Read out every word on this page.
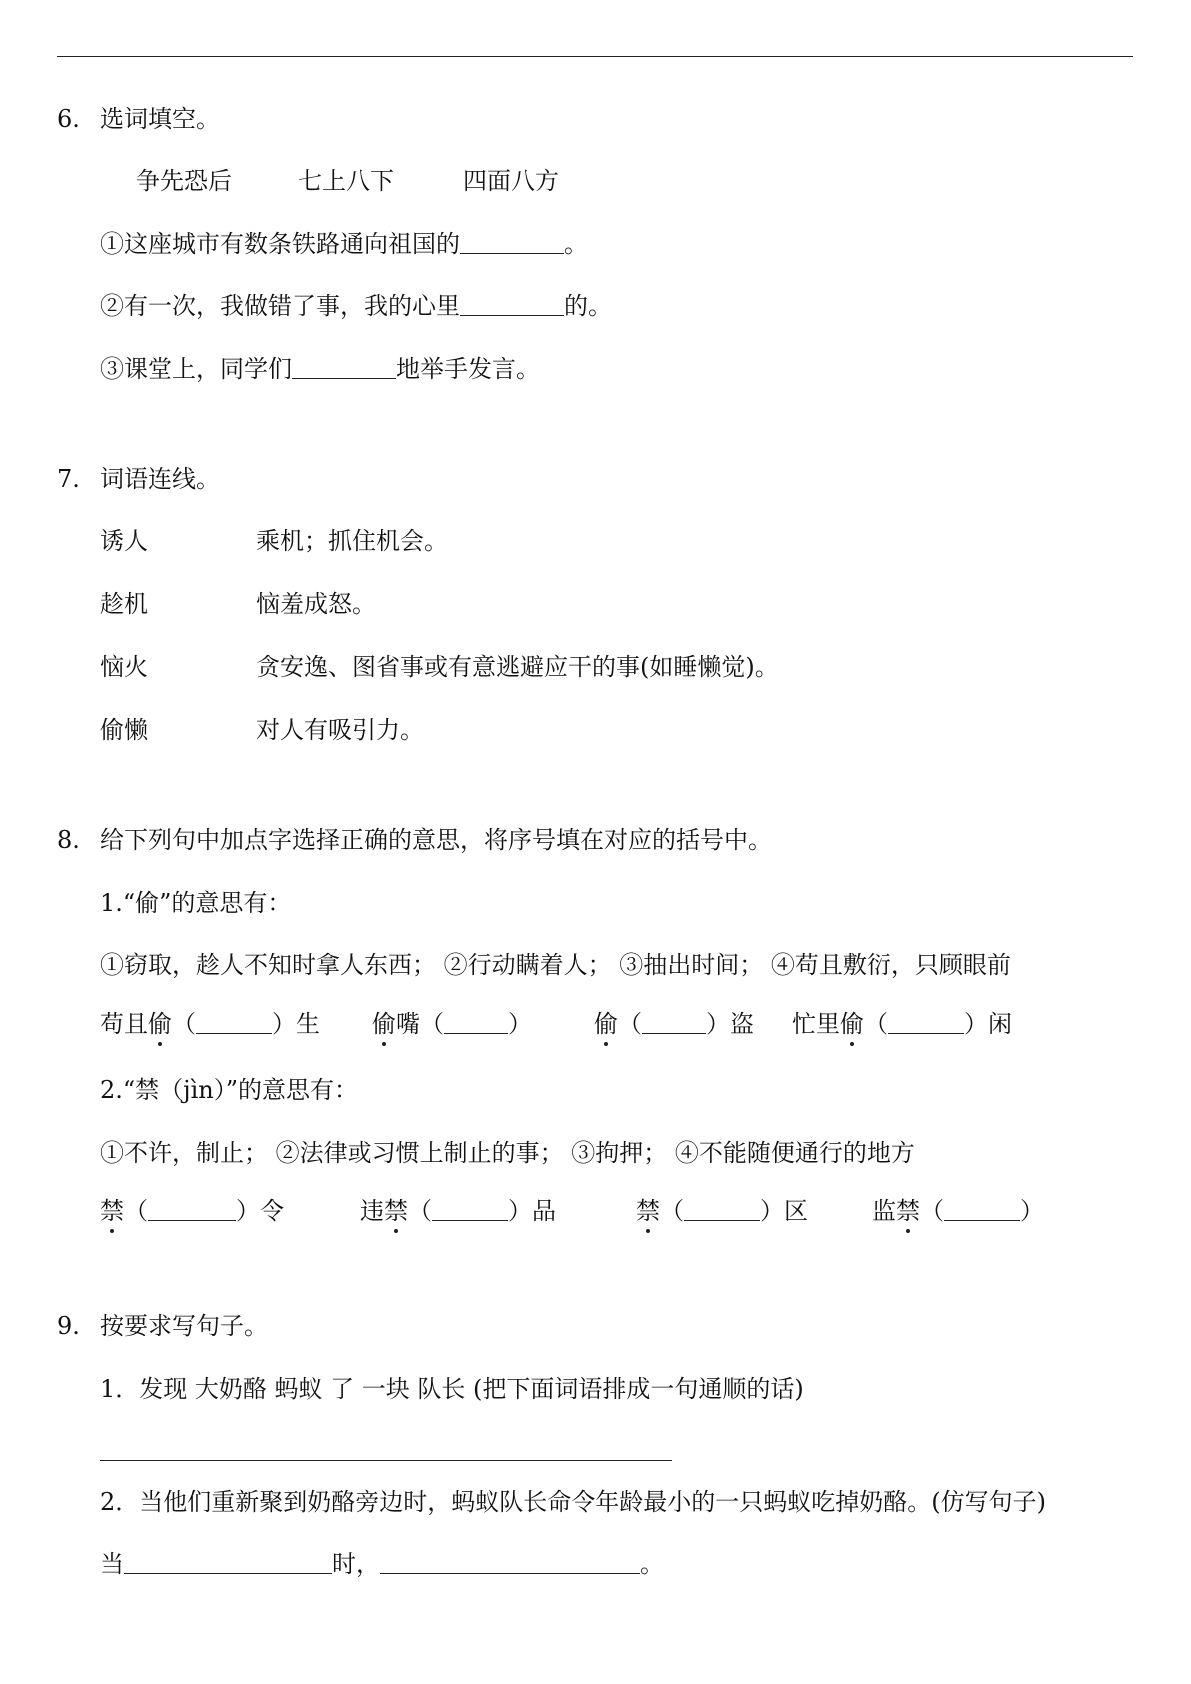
6. 选词填空。
争先恐后	七上八下	四面八方
①这座城市有数条铁路通向祖国的	。
②有一次，我做错了事，我的心里	的。
③课堂上，同学们	地举手发言。
7. 词语连线。
诱人	乘机；抓住机会。
趁机	恼羞成怒。
恼火	贪安逸、图省事或有意逃避应干的事(如睡懒觉)。
偷懒	对人有吸引力。
8. 给下列句中加点字选择正确的意思，将序号填在对应的括号中。
1.“偷”的意思有：
①窃取，趁人不知时拿人东西； ②行动瞒着人； ③抽出时间； ④苟且敷衍，只顾眼前
苟且偷（	）生 偷嘴（	）	偷（	）盗 忙里偷（	）闲
2.“禁（jìn）”的意思有：
①不许，制止； ②法律或习惯上制止的事； ③拘押； ④不能随便通行的地方
禁（	）令	违禁（	）品	禁（	）区	监禁（	）
9. 按要求写句子。
1．发现 大奶酪 蚂蚁 了 一块 队长 (把下面词语排成一句通顺的话)
2．当他们重新聚到奶酪旁边时，蚂蚁队长命令年龄最小的一只蚂蚁吃掉奶酪。(仿写句子)
当	时，	。
